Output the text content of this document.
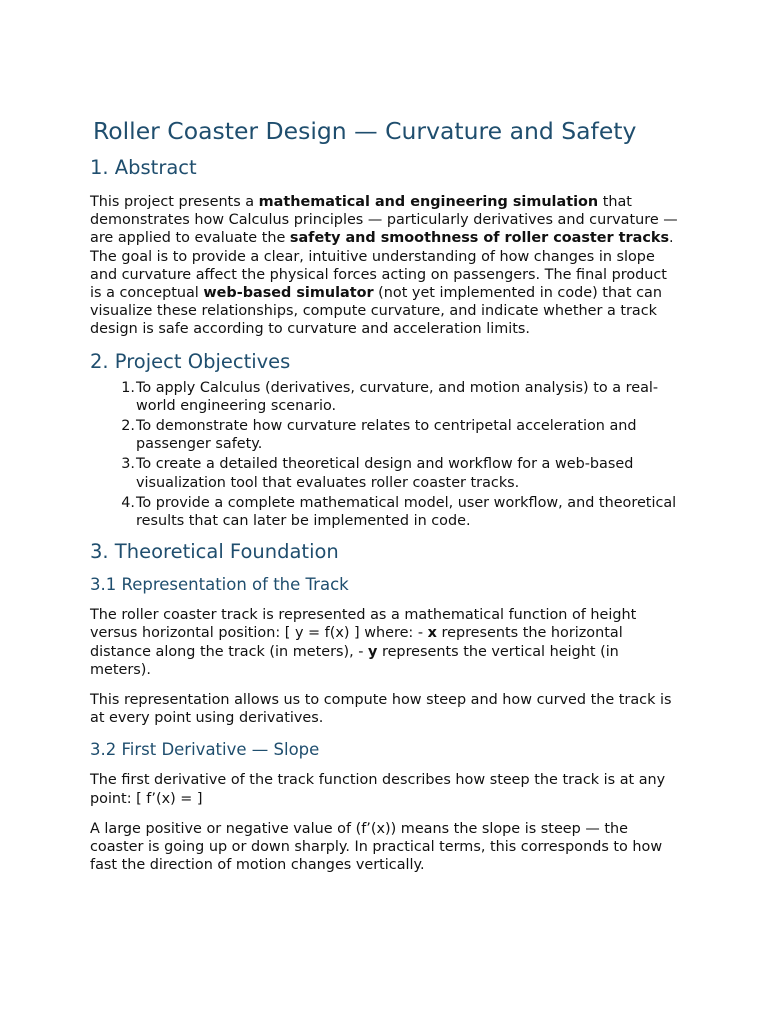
Roller Coaster Design — Curvature and Safety
1. Abstract

This project presents a mathematical and engineering simulation that demonstrates how Calculus principles — particularly derivatives and curvature — are applied to evaluate the safety and smoothness of roller coaster tracks. The goal is to provide a clear, intuitive understanding of how changes in slope and curvature affect the physical forces acting on passengers. The final product is a conceptual web-based simulator (not yet implemented in code) that can visualize these relationships, compute curvature, and indicate whether a track design is safe according to curvature and acceleration limits.

2. Project Objectives
1. To apply Calculus (derivatives, curvature, and motion analysis) to a real-world engineering scenario.
2. To demonstrate how curvature relates to centripetal acceleration and passenger safety.
3. To create a detailed theoretical design and workflow for a web-based visualization tool that evaluates roller coaster tracks.
4. To provide a complete mathematical model, user workflow, and theoretical results that can later be implemented in code.
3. Theoretical Foundation
3.1 Representation of the Track

The roller coaster track is represented as a mathematical function of height versus horizontal position: [ y = f(x) ] where: - x represents the horizontal distance along the track (in meters), - y represents the vertical height (in meters).

This representation allows us to compute how steep and how curved the track is at every point using derivatives.

3.2 First Derivative — Slope

The first derivative of the track function describes how steep the track is at any point: [ f’(x) = ]

A large positive or negative value of (f’(x)) means the slope is steep — the coaster is going up or down sharply. In practical terms, this corresponds to how fast the direction of motion changes vertically.
